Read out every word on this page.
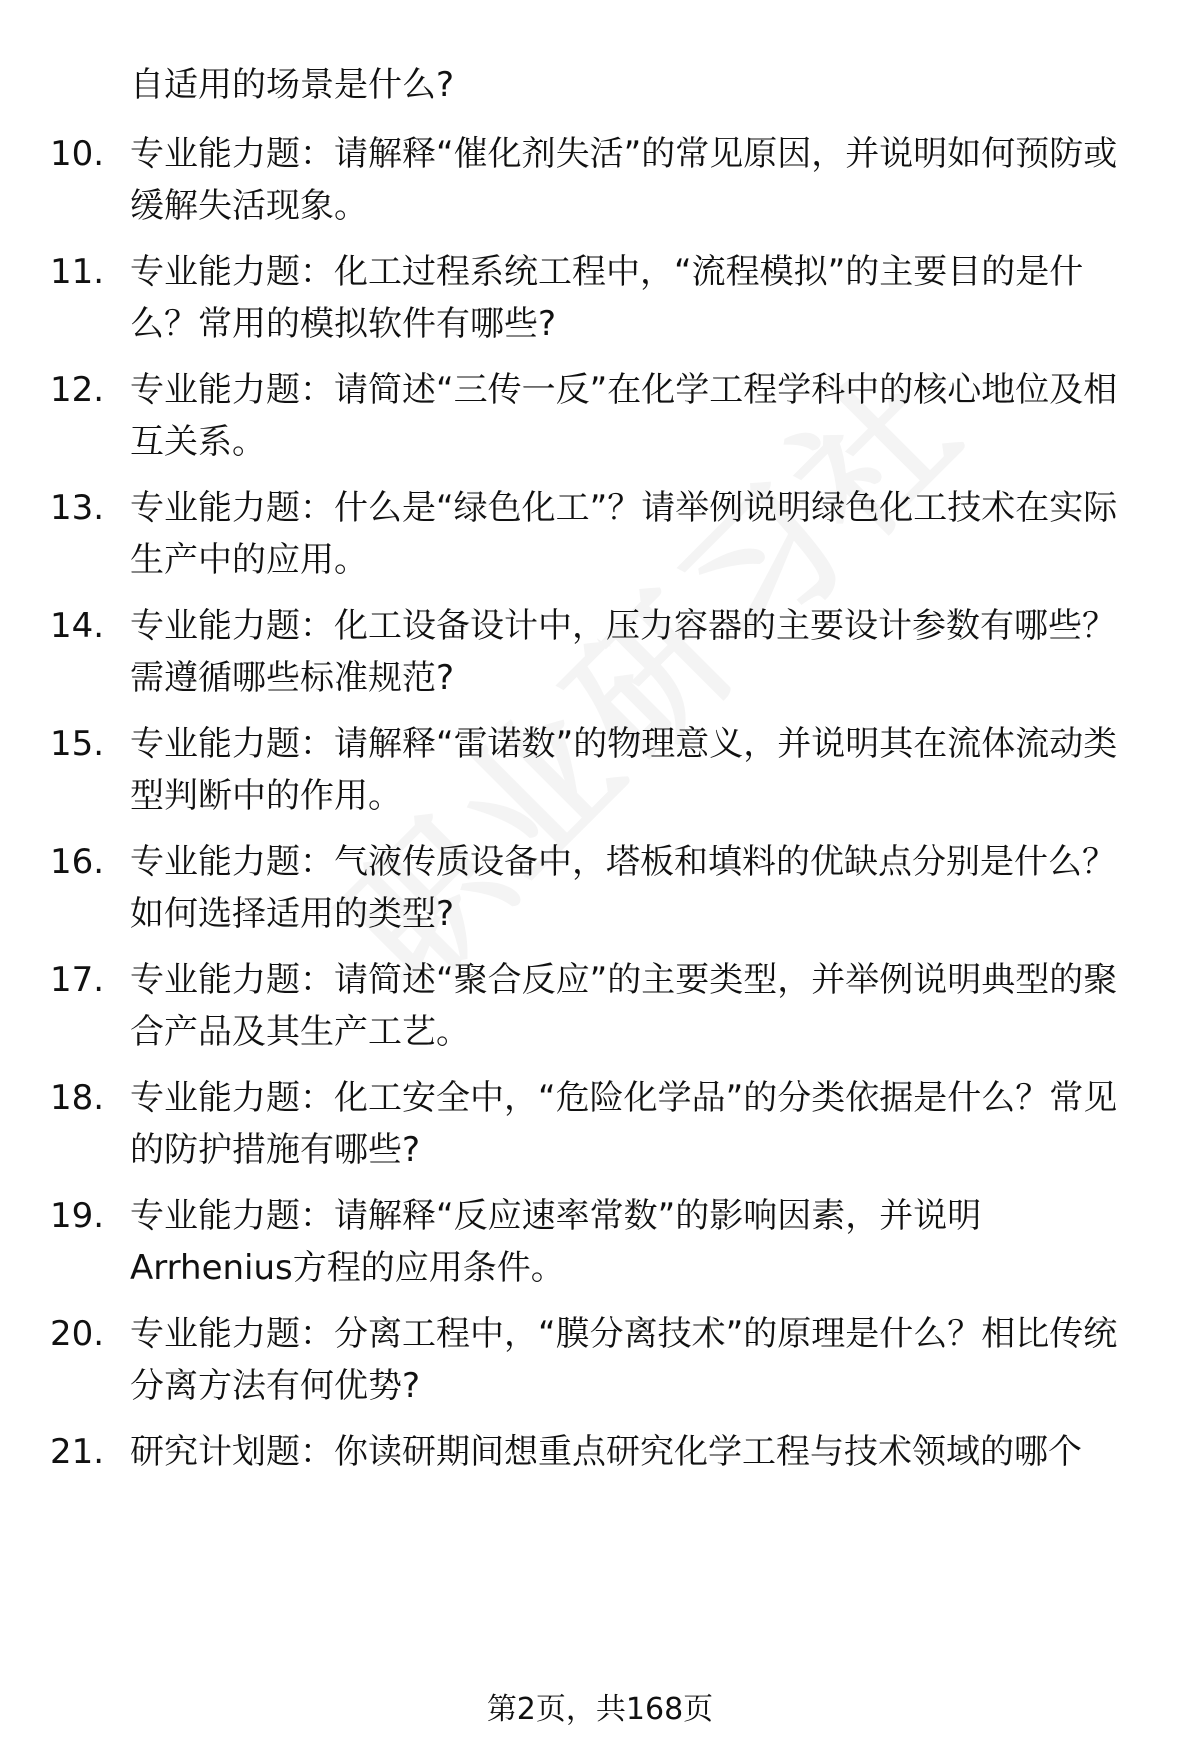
自适用的场景是什么?

10. 专业能力题：请解释“催化剂失活”的常见原因，并说明如何预防或缓解失活现象。
11. 专业能力题：化工过程系统工程中，“流程模拟”的主要目的是什么？常用的模拟软件有哪些?
12. 专业能力题：请简述“三传一反”在化学工程学科中的核心地位及相互关系。
13. 专业能力题：什么是“绿色化工”？请举例说明绿色化工技术在实际生产中的应用。
14. 专业能力题：化工设备设计中，压力容器的主要设计参数有哪些？需遵循哪些标准规范?
15. 专业能力题：请解释“雷诺数”的物理意义，并说明其在流体流动类型判断中的作用。
16. 专业能力题：气液传质设备中，塔板和填料的优缺点分别是什么？如何选择适用的类型?
17. 专业能力题：请简述“聚合反应”的主要类型，并举例说明典型的聚合产品及其生产工艺。
18. 专业能力题：化工安全中，“危险化学品”的分类依据是什么？常见的防护措施有哪些?
19. 专业能力题：请解释“反应速率常数”的影响因素，并说明Arrhenius方程的应用条件。
20. 专业能力题：分离工程中，“膜分离技术”的原理是什么？相比传统分离方法有何优势?
21. 研究计划题：你读研期间想重点研究化学工程与技术领域的哪个
第2页，共168页
